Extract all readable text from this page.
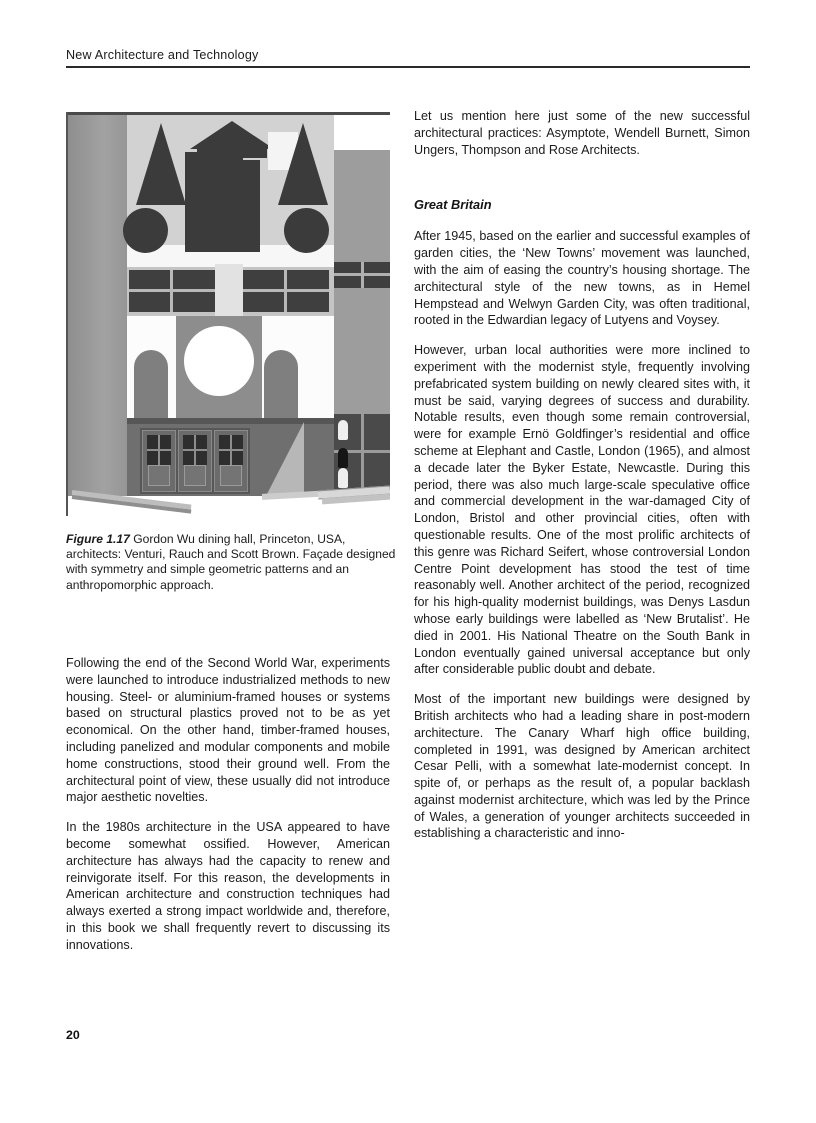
New Architecture and Technology
Figure 1.17 Gordon Wu dining hall, Princeton, USA, architects: Venturi, Rauch and Scott Brown. Façade designed with symmetry and simple geometric patterns and an anthropomorphic approach.

Following the end of the Second World War, experiments were launched to introduce industrialized methods to new housing. Steel- or aluminium-framed houses or systems based on structural plastics proved not to be as yet economical. On the other hand, timber-framed houses, including panelized and modular components and mobile home constructions, stood their ground well. From the architectural point of view, these usually did not introduce major aesthetic novelties.

In the 1980s architecture in the USA appeared to have become somewhat ossified. However, American architecture has always had the capacity to renew and reinvigorate itself. For this reason, the developments in American architecture and construction techniques had always exerted a strong impact worldwide and, therefore, in this book we shall frequently revert to discussing its innovations.

Let us mention here just some of the new successful architectural practices: Asymptote, Wendell Burnett, Simon Ungers, Thompson and Rose Architects.

Great Britain

After 1945, based on the earlier and successful examples of garden cities, the ‘New Towns’ movement was launched, with the aim of easing the country’s housing shortage. The architectural style of the new towns, as in Hemel Hempstead and Welwyn Garden City, was often traditional, rooted in the Edwardian legacy of Lutyens and Voysey.

However, urban local authorities were more inclined to experiment with the modernist style, frequently involving prefabricated system building on newly cleared sites with, it must be said, varying degrees of success and durability. Notable results, even though some remain controversial, were for example Ernö Goldfinger’s residential and office scheme at Elephant and Castle, London (1965), and almost a decade later the Byker Estate, Newcastle. During this period, there was also much large-scale speculative office and commercial development in the war-damaged City of London, Bristol and other provincial cities, often with questionable results. One of the most prolific architects of this genre was Richard Seifert, whose controversial London Centre Point development has stood the test of time reasonably well. Another architect of the period, recognized for his high-quality modernist buildings, was Denys Lasdun whose early buildings were labelled as ‘New Brutalist’. He died in 2001. His National Theatre on the South Bank in London eventually gained universal acceptance but only after considerable public doubt and debate.

Most of the important new buildings were designed by British architects who had a leading share in post-modern architecture. The Canary Wharf high office building, completed in 1991, was designed by American architect Cesar Pelli, with a somewhat late-modernist concept. In spite of, or perhaps as the result of, a popular backlash against modernist architecture, which was led by the Prince of Wales, a generation of younger architects succeeded in establishing a characteristic and inno-

20
